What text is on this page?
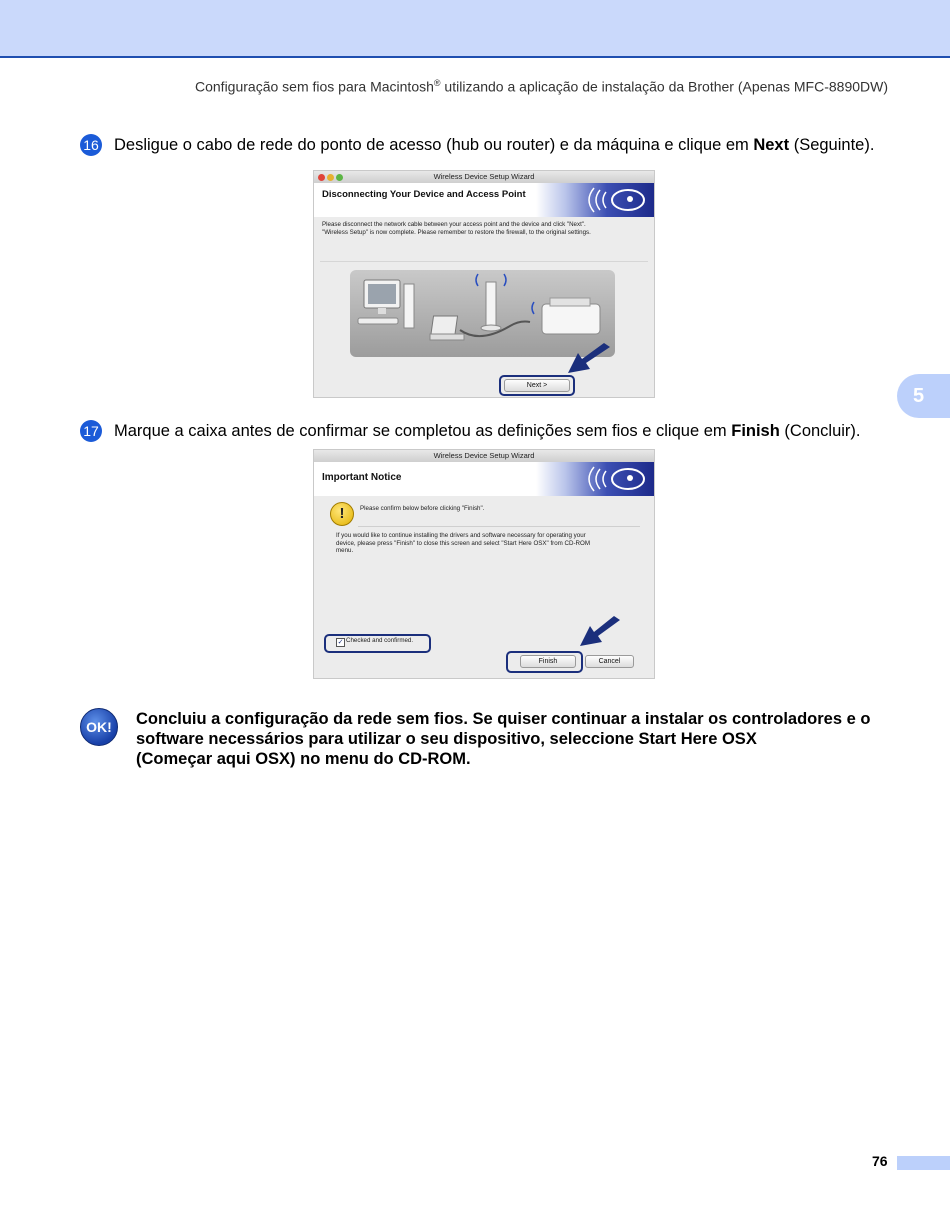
Configuração sem fios para Macintosh® utilizando a aplicação de instalação da Brother (Apenas MFC-8890DW)
5
16 Desligue o cabo de rede do ponto de acesso (hub ou router) e da máquina e clique em Next (Seguinte).
Wireless Device Setup Wizard
Disconnecting Your Device and Access Point
Please disconnect the network cable between your access point and the device and click "Next".
"Wireless Setup" is now complete. Please remember to restore the firewall, to the original settings.
Next >
17 Marque a caixa antes de confirmar se completou as definições sem fios e clique em Finish (Concluir).
Wireless Device Setup Wizard
Important Notice
!	Please confirm below before clicking "Finish".
If you would like to continue installing the drivers and software necessary for operating your
device, please press "Finish" to close this screen and select "Start Here OSX" from CD-ROM
menu.
✓ Checked and confirmed.
Finish	Cancel
OK!	Concluiu a configuração da rede sem fios. Se quiser continuar a instalar os controladores e o
software necessários para utilizar o seu dispositivo, seleccione Start Here OSX
(Começar aqui OSX) no menu do CD-ROM.
76
